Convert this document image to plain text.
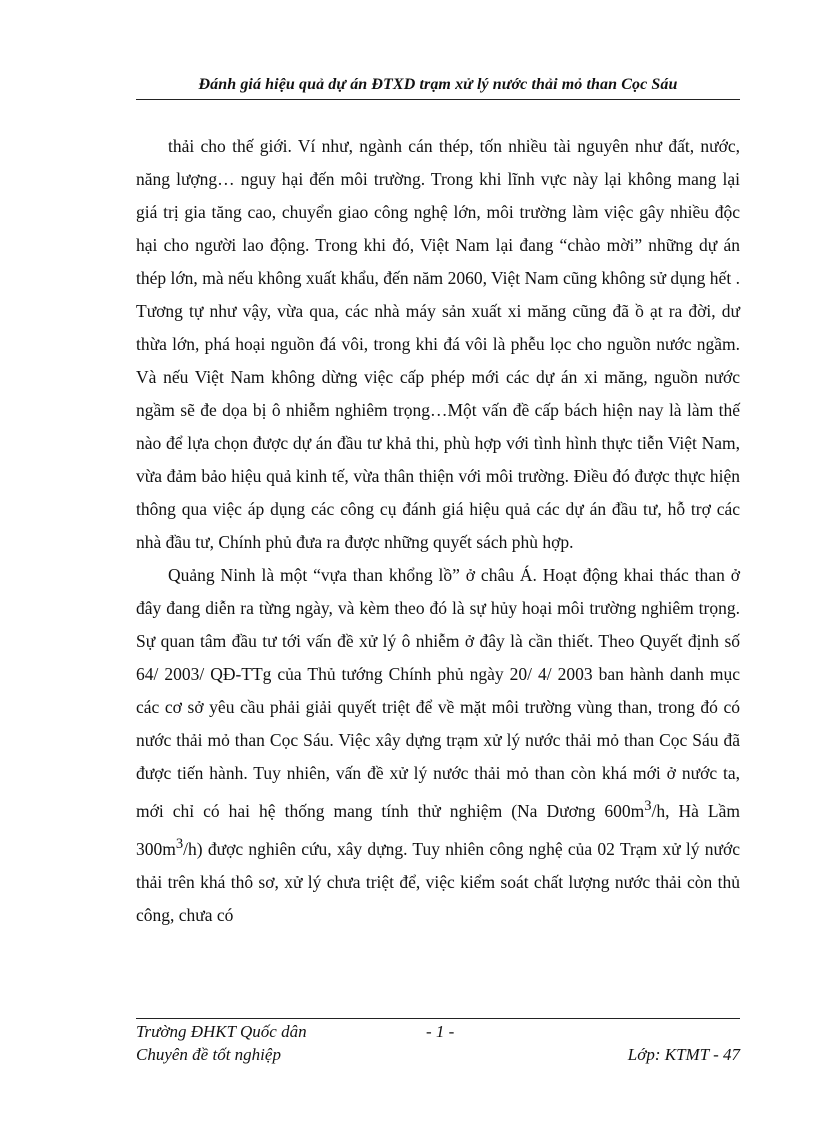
Đánh giá hiệu quả dự án ĐTXD trạm xử lý nước thải mỏ than Cọc Sáu

thải cho thế giới. Ví như, ngành cán thép, tốn nhiều tài nguyên như đất, nước, năng lượng… nguy hại đến môi trường. Trong khi lĩnh vực này lại không mang lại giá trị gia tăng cao, chuyển giao công nghệ lớn, môi trường làm việc gây nhiều độc hại cho người lao động. Trong khi đó, Việt Nam lại đang “chào mời” những dự án thép lớn, mà nếu không xuất khẩu, đến năm 2060, Việt Nam cũng không sử dụng hết . Tương tự như vậy, vừa qua, các nhà máy sản xuất xi măng cũng đã ồ ạt ra đời, dư thừa lớn, phá hoại nguồn đá vôi, trong khi đá vôi là phễu lọc cho nguồn nước ngầm. Và nếu Việt Nam không dừng việc cấp phép mới các dự án xi măng, nguồn nước ngầm sẽ đe dọa bị ô nhiễm nghiêm trọng…Một vấn đề cấp bách hiện nay là làm thế nào để lựa chọn được dự án đầu tư khả thi, phù hợp với tình hình thực tiễn Việt Nam, vừa đảm bảo hiệu quả kinh tế, vừa thân thiện với môi trường. Điều đó được thực hiện thông qua việc áp dụng các công cụ đánh giá hiệu quả các dự án đầu tư, hỗ trợ các nhà đầu tư, Chính phủ đưa ra được những quyết sách phù hợp.

Quảng Ninh là một “vựa than khổng lồ” ở châu Á. Hoạt động khai thác than ở đây đang diễn ra từng ngày, và kèm theo đó là sự hủy hoại môi trường nghiêm trọng. Sự quan tâm đầu tư tới vấn đề xử lý ô nhiễm ở đây là cần thiết. Theo Quyết định số 64/ 2003/ QĐ-TTg của Thủ tướng Chính phủ ngày 20/ 4/ 2003 ban hành danh mục các cơ sở yêu cầu phải giải quyết triệt để về mặt môi trường vùng than, trong đó có nước thải mỏ than Cọc Sáu. Việc xây dựng trạm xử lý nước thải mỏ than Cọc Sáu đã được tiến hành. Tuy nhiên, vấn đề xử lý nước thải mỏ than còn khá mới ở nước ta, mới chỉ có hai hệ thống mang tính thử nghiệm (Na Dương $600m^3/h$, Hà Lầm $300m^3/h$) được nghiên cứu, xây dựng. Tuy nhiên công nghệ của 02 Trạm xử lý nước thải trên khá thô sơ, xử lý chưa triệt để, việc kiểm soát chất lượng nước thải còn thủ công, chưa có

Trường ĐHKT Quốc dân	- 1 -
Chuyên đề tốt nghiệp	Lớp: KTMT - 47
